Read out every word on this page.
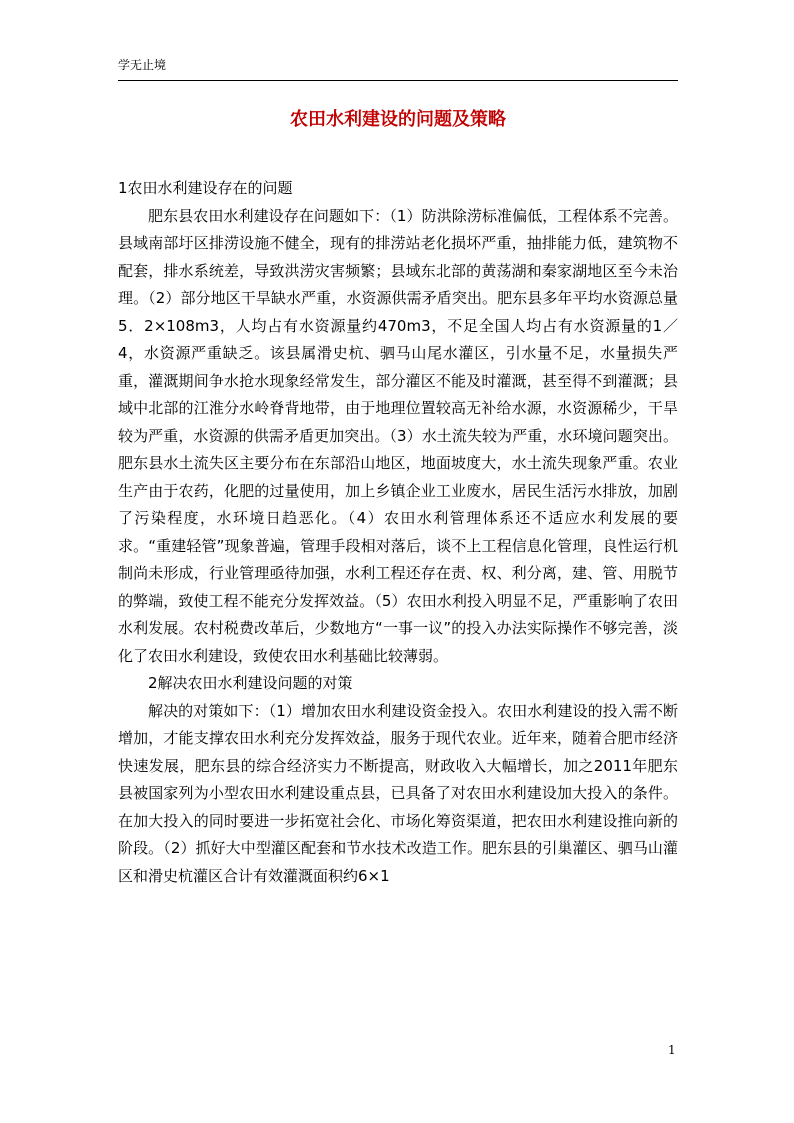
学无止境
农田水利建设的问题及策略

1农田水利建设存在的问题

肥东县农田水利建设存在问题如下：（1）防洪除涝标准偏低，工程体系不完善。县域南部圩区排涝设施不健全，现有的排涝站老化损坏严重，抽排能力低，建筑物不配套，排水系统差，导致洪涝灾害频繁；县域东北部的黄荡湖和秦家湖地区至今未治理。（2）部分地区干旱缺水严重，水资源供需矛盾突出。肥东县多年平均水资源总量5．2×108m3，人均占有水资源量约470m3，不足全国人均占有水资源量的1／4，水资源严重缺乏。该县属滑史杭、驷马山尾水灌区，引水量不足，水量损失严重，灌溉期间争水抢水现象经常发生，部分灌区不能及时灌溉，甚至得不到灌溉；县域中北部的江淮分水岭脊背地带，由于地理位置较高无补给水源，水资源稀少，干旱较为严重，水资源的供需矛盾更加突出。（3）水土流失较为严重，水环境问题突出。肥东县水土流失区主要分布在东部沿山地区，地面坡度大，水土流失现象严重。农业生产由于农药，化肥的过量使用，加上乡镇企业工业废水，居民生活污水排放，加剧了污染程度，水环境日趋恶化。（4）农田水利管理体系还不适应水利发展的要求。“重建轻管”现象普遍，管理手段相对落后，谈不上工程信息化管理，良性运行机制尚未形成，行业管理亟待加强，水利工程还存在责、权、利分离，建、管、用脱节的弊端，致使工程不能充分发挥效益。（5）农田水利投入明显不足，严重影响了农田水利发展。农村税费改革后，少数地方“一事一议”的投入办法实际操作不够完善，淡化了农田水利建设，致使农田水利基础比较薄弱。

2解决农田水利建设问题的对策

解决的对策如下：（1）增加农田水利建设资金投入。农田水利建设的投入需不断增加，才能支撑农田水利充分发挥效益，服务于现代农业。近年来，随着合肥市经济快速发展，肥东县的综合经济实力不断提高，财政收入大幅增长，加之2011年肥东县被国家列为小型农田水利建设重点县，已具备了对农田水利建设加大投入的条件。在加大投入的同时要进一步拓宽社会化、市场化筹资渠道，把农田水利建设推向新的阶段。（2）抓好大中型灌区配套和节水技术改造工作。肥东县的引巢灌区、驷马山灌区和滑史杭灌区合计有效灌溉面积约6×1

1
